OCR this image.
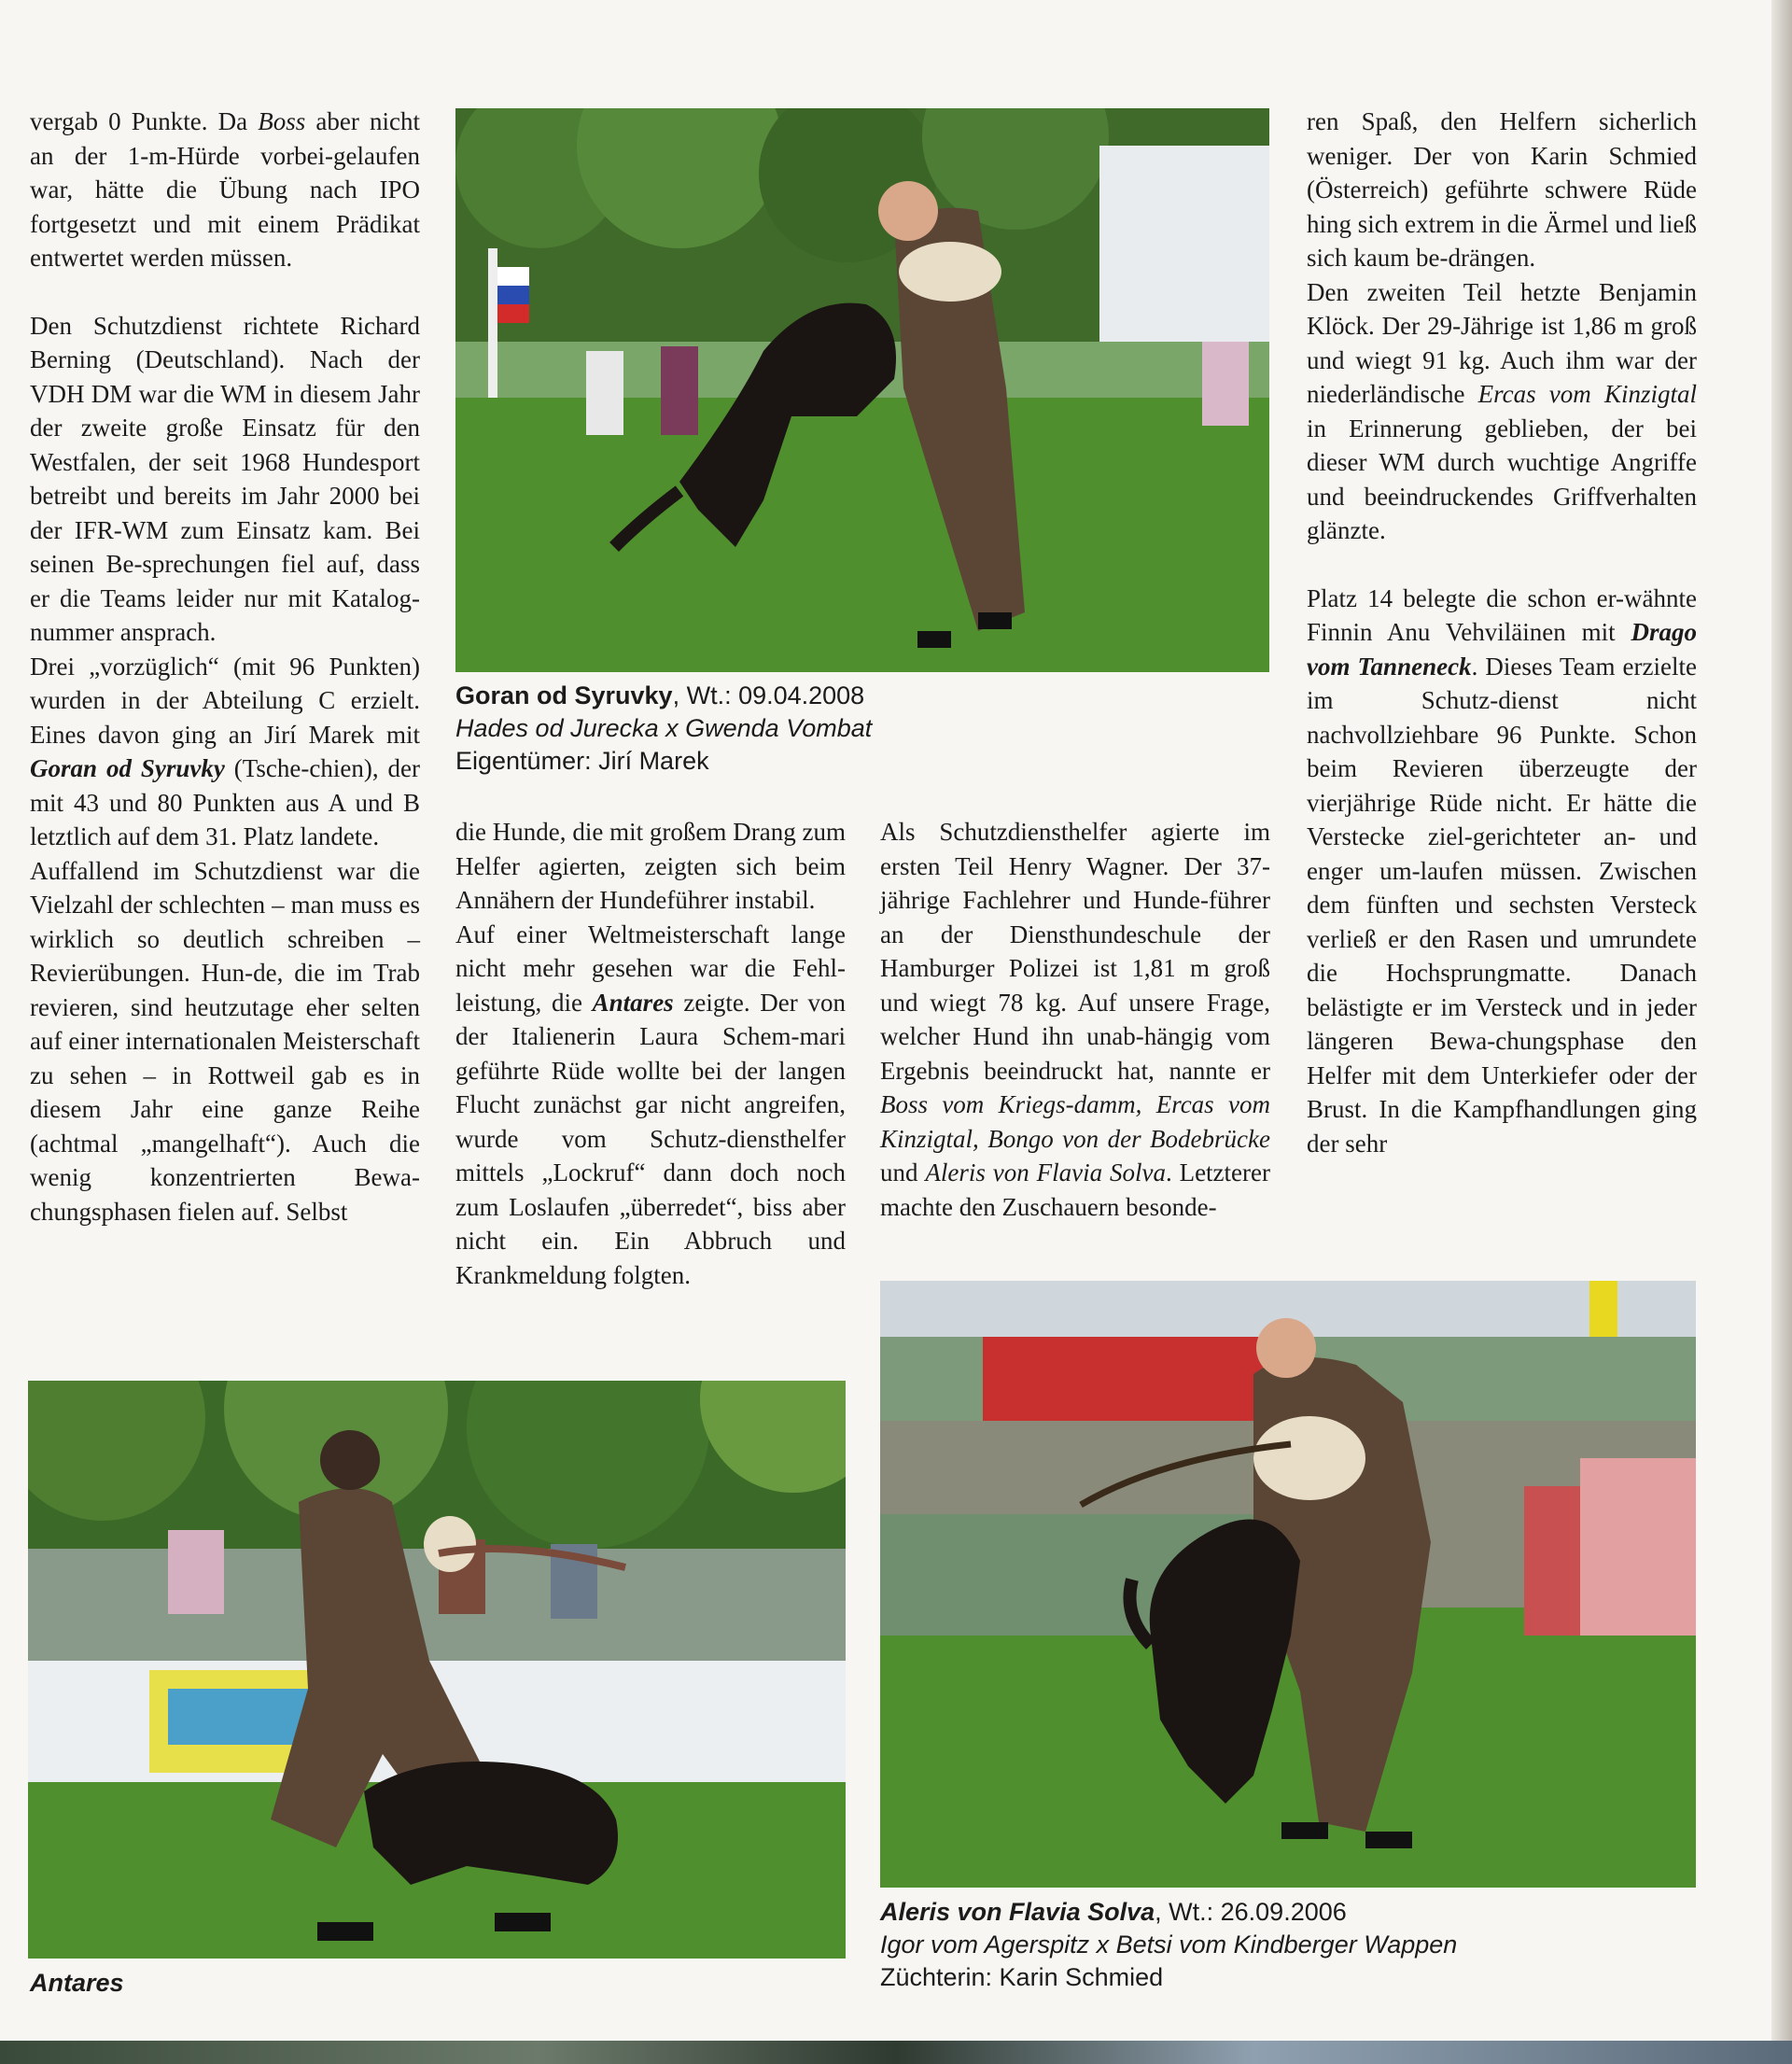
vergab 0 Punkte. Da Boss aber nicht an der 1-m-Hürde vorbei-gelaufen war, hätte die Übung nach IPO fortgesetzt und mit einem Prädikat entwertet werden müssen.

Den Schutzdienst richtete Richard Berning (Deutschland). Nach der VDH DM war die WM in diesem Jahr der zweite große Einsatz für den Westfalen, der seit 1968 Hundesport betreibt und bereits im Jahr 2000 bei der IFR-WM zum Einsatz kam. Bei seinen Be-sprechungen fiel auf, dass er die Teams leider nur mit Katalog-nummer ansprach.

Drei „vorzüglich“ (mit 96 Punkten) wurden in der Abteilung C erzielt. Eines davon ging an Jirí Marek mit Goran od Syruvky (Tsche-chien), der mit 43 und 80 Punkten aus A und B letztlich auf dem 31. Platz landete.

Auffallend im Schutzdienst war die Vielzahl der schlechten – man muss es wirklich so deutlich schreiben – Revierübungen. Hun-de, die im Trab revieren, sind heutzutage eher selten auf einer internationalen Meisterschaft zu sehen – in Rottweil gab es in diesem Jahr eine ganze Reihe (achtmal „mangelhaft“). Auch die wenig konzentrierten Bewa-chungsphasen fielen auf. Selbst

Goran od Syruvky, Wt.: 09.04.2008
Hades od Jurecka x Gwenda Vombat
Eigentümer: Jirí Marek

die Hunde, die mit großem Drang zum Helfer agierten, zeigten sich beim Annähern der Hundeführer instabil.

Auf einer Weltmeisterschaft lange nicht mehr gesehen war die Fehl-leistung, die Antares zeigte. Der von der Italienerin Laura Schem-mari geführte Rüde wollte bei der langen Flucht zunächst gar nicht angreifen, wurde vom Schutz-diensthelfer mittels „Lockruf“ dann doch noch zum Loslaufen „überredet“, biss aber nicht ein. Ein Abbruch und Krankmeldung folgten.

Als Schutzdiensthelfer agierte im ersten Teil Henry Wagner. Der 37-jährige Fachlehrer und Hunde-führer an der Diensthundeschule der Hamburger Polizei ist 1,81 m groß und wiegt 78 kg. Auf unsere Frage, welcher Hund ihn unab-hängig vom Ergebnis beeindruckt hat, nannte er Boss vom Kriegs-damm, Ercas vom Kinzigtal, Bongo von der Bodebrücke und Aleris von Flavia Solva. Letzterer machte den Zuschauern besonde-

ren Spaß, den Helfern sicherlich weniger. Der von Karin Schmied (Österreich) geführte schwere Rüde hing sich extrem in die Ärmel und ließ sich kaum be-drängen.

Den zweiten Teil hetzte Benjamin Klöck. Der 29-Jährige ist 1,86 m groß und wiegt 91 kg. Auch ihm war der niederländische Ercas vom Kinzigtal in Erinnerung geblieben, der bei dieser WM durch wuchtige Angriffe und beeindruckendes Griffverhalten glänzte.

Platz 14 belegte die schon er-wähnte Finnin Anu Vehviläinen mit Drago vom Tanneneck. Dieses Team erzielte im Schutz-dienst nicht nachvollziehbare 96 Punkte. Schon beim Revieren überzeugte der vierjährige Rüde nicht. Er hätte die Verstecke ziel-gerichteter an- und enger um-laufen müssen. Zwischen dem fünften und sechsten Versteck verließ er den Rasen und umrundete die Hochsprungmatte. Danach belästigte er im Versteck und in jeder längeren Bewa-chungsphase den Helfer mit dem Unterkiefer oder der Brust. In die Kampfhandlungen ging der sehr

Antares
Aleris von Flavia Solva, Wt.: 26.09.2006
Igor vom Agerspitz x Betsi vom Kindberger Wappen
Züchterin: Karin Schmied
